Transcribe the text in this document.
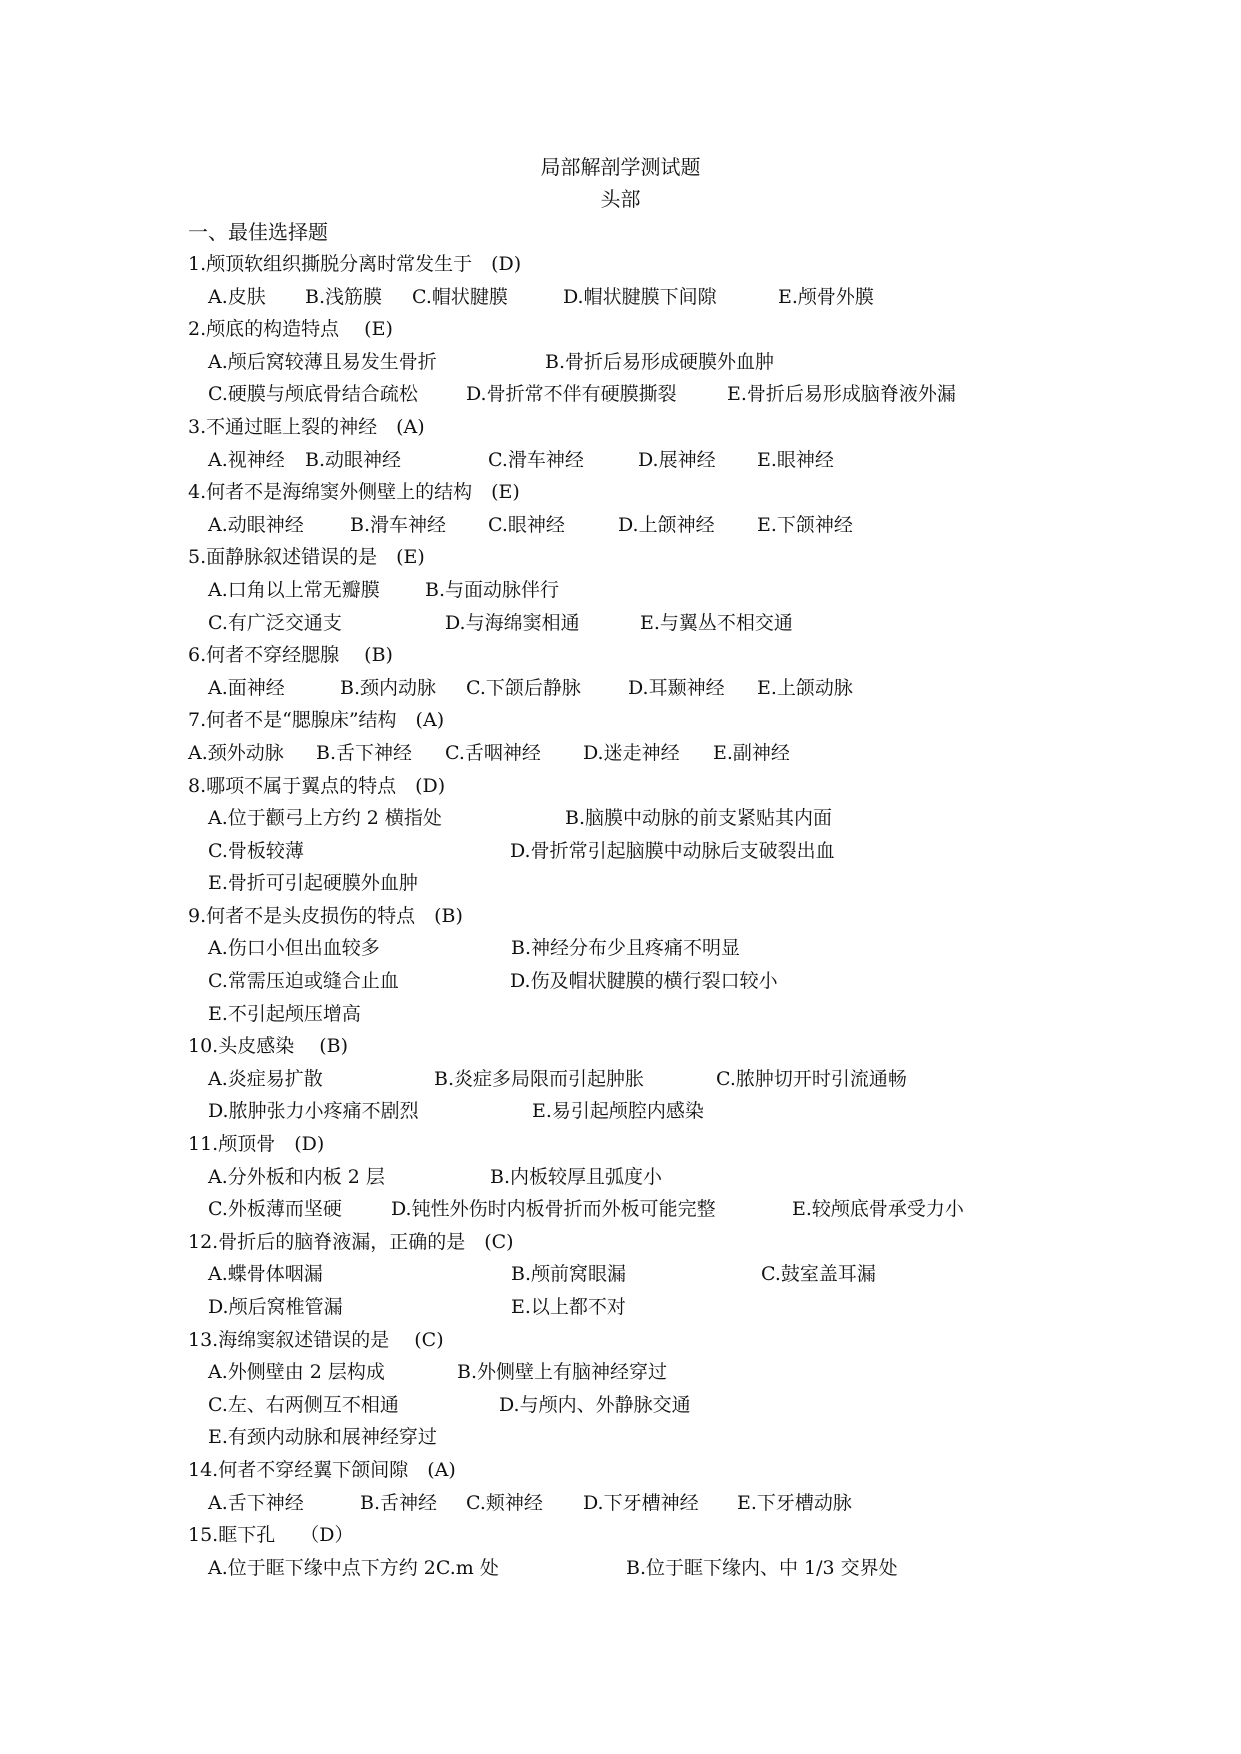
局部解剖学测试题
头部
一、最佳选择题
1.颅顶软组织撕脱分离时常发生于　(D)
A.皮肤 B.浅筋膜 C.帽状腱膜	D.帽状腱膜下间隙	E.颅骨外膜
2.颅底的构造特点　 (E)
A.颅后窝较薄且易发生骨折	B.骨折后易形成硬膜外血肿
C.硬膜与颅底骨结合疏松	D.骨折常不伴有硬膜撕裂	E.骨折后易形成脑脊液外漏
3.不通过眶上裂的神经　(A)
A.视神经 B.动眼神经	C.滑车神经	D.展神经 E.眼神经
4.何者不是海绵窦外侧壁上的结构　(E)
A.动眼神经 B.滑车神经 C.眼神经	D.上颌神经 E.下颌神经
5.面静脉叙述错误的是　(E)
A.口角以上常无瓣膜 B.与面动脉伴行
C.有广泛交通支	D.与海绵窦相通	E.与翼丛不相交通
6.何者不穿经腮腺　 (B)
A.面神经	B.颈内动脉 C.下颌后静脉 D.耳颞神经 E.上颌动脉
7.何者不是“腮腺床”结构　(A)
A.颈外动脉 B.舌下神经 C.舌咽神经 D.迷走神经 E.副神经
8.哪项不属于翼点的特点　(D)
A.位于颧弓上方约 2 横指处	B.脑膜中动脉的前支紧贴其内面
C.骨板较薄	D.骨折常引起脑膜中动脉后支破裂出血
E.骨折可引起硬膜外血肿
9.何者不是头皮损伤的特点　(B)
A.伤口小但出血较多	B.神经分布少且疼痛不明显
C.常需压迫或缝合止血	D.伤及帽状腱膜的横行裂口较小
E.不引起颅压增高
10.头皮感染　 (B)
A.炎症易扩散	B.炎症多局限而引起肿胀	C.脓肿切开时引流通畅
D.脓肿张力小疼痛不剧烈	E.易引起颅腔内感染
11.颅顶骨　(D)
A.分外板和内板 2 层	B.内板较厚且弧度小
C.外板薄而坚硬	D.钝性外伤时内板骨折而外板可能完整	E.较颅底骨承受力小
12.骨折后的脑脊液漏，正确的是　(C)
A.蝶骨体咽漏	B.颅前窝眼漏	C.鼓室盖耳漏
D.颅后窝椎管漏	E.以上都不对
13.海绵窦叙述错误的是　 (C)
A.外侧壁由 2 层构成	B.外侧壁上有脑神经穿过
C.左、右两侧互不相通	D.与颅内、外静脉交通
E.有颈内动脉和展神经穿过
14.何者不穿经翼下颌间隙　(A)
A.舌下神经	B.舌神经 C.颊神经 D.下牙槽神经 E.下牙槽动脉
15.眶下孔　 （D）
A.位于眶下缘中点下方约 2C.m 处	B.位于眶下缘内、中 1/3 交界处
